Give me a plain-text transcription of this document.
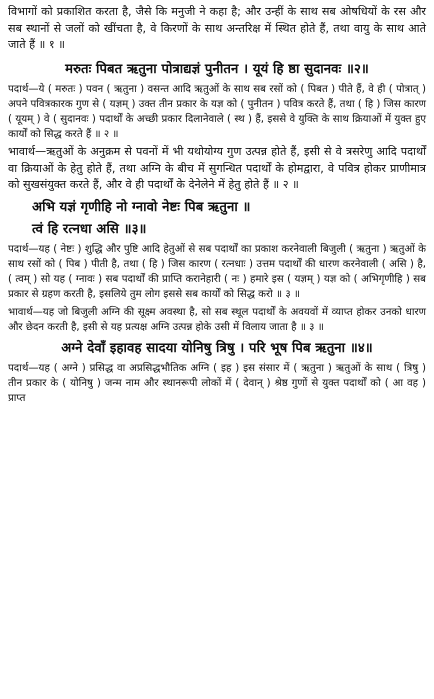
विभागों को प्रकाशित करता है, जैसे कि मनुजी ने कहा है; और उन्हीं के साथ सब ओषधियों के रस और सब स्थानों से जलों को खींचता है, वे किरणों के साथ अन्तरिक्ष में स्थित होते हैं, तथा वायु के साथ आते जाते हैं ॥ १ ॥

मरुतः पिबत ऋतुना पोत्राद्यज्ञं पुनीतन । यूयं हि ष्ठा सुदानवः ॥२॥

पदार्थ—ये ( मरुतः ) पवन ( ऋतुना ) वसन्त आदि ऋतुओं के साथ सब रसों को ( पिबत ) पीते हैं, वे ही ( पोत्रात् ) अपने पवित्रकारक गुण से ( यज्ञम् ) उक्त तीन प्रकार के यज्ञ को ( पुनीतन ) पवित्र करते हैं, तथा ( हि ) जिस कारण ( यूयम् ) वे ( सुदानवः ) पदार्थों के अच्छी प्रकार दिलानेवाले ( स्थ ) हैं, इससे वे युक्ति के साथ क्रियाओं में युक्त हुए कार्यों को सिद्ध करते हैं ॥ २ ॥

भावार्थ—ऋतुओं के अनुक्रम से पवनों में भी यथोयोग्य गुण उत्पन्न होते हैं, इसी से वे त्रसरेणु आदि पदार्थों वा क्रियाओं के हेतु होते हैं, तथा अग्नि के बीच में सुगन्धित पदार्थों के होमद्वारा, वे पवित्र होकर प्राणीमात्र को सुखसंयुक्त करते हैं, और वे ही पदार्थों के देनेलेने में हेतु होते हैं ॥ २ ॥

अभि यज्ञं गृणीहि नो ग्नावो नेष्टः पिब ऋतुना ॥
त्वं हि रत्नधा असि ॥३॥

पदार्थ—यह ( नेष्टः ) शुद्धि और पुष्टि आदि हेतुओं से सब पदार्थों का प्रकाश करनेवाली बिजुली ( ऋतुना ) ऋतुओं के साथ रसों को ( पिब ) पीती है, तथा ( हि ) जिस कारण ( रत्नधाः ) उत्तम पदार्थों की धारण करनेवाली ( असि ) है, ( त्वम् ) सो यह ( ग्नावः ) सब पदार्थों की प्राप्ति करानेहारी ( नः ) हमारे इस ( यज्ञम् ) यज्ञ को ( अभिगृणीहि ) सब प्रकार से ग्रहण करती है, इसलिये तुम लोग इससे सब कार्यों को सिद्ध करो ॥ ३ ॥

भावार्थ—यह जो बिजुली अग्नि की सूक्ष्म अवस्था है, सो सब स्थूल पदार्थों के अवयवों में व्याप्त होकर उनको धारण और छेदन करती है, इसी से यह प्रत्यक्ष अग्नि उत्पन्न होके उसी में विलाय जाता है ॥ ३ ॥

अग्ने देवाँ इहावह सादया योनिषु त्रिषु । परि भूष पिब ऋतुना ॥४॥

पदार्थ—यह ( अग्ने ) प्रसिद्ध वा अप्रसिद्धभौतिक अग्नि ( इह ) इस संसार में ( ऋतुना ) ऋतुओं के साथ ( त्रिषु ) तीन प्रकार के ( योनिषु ) जन्म नाम और स्थानरूपी लोकों में ( देवान् ) श्रेष्ठ गुणों से युक्त पदार्थों को ( आ वह ) प्राप्त
